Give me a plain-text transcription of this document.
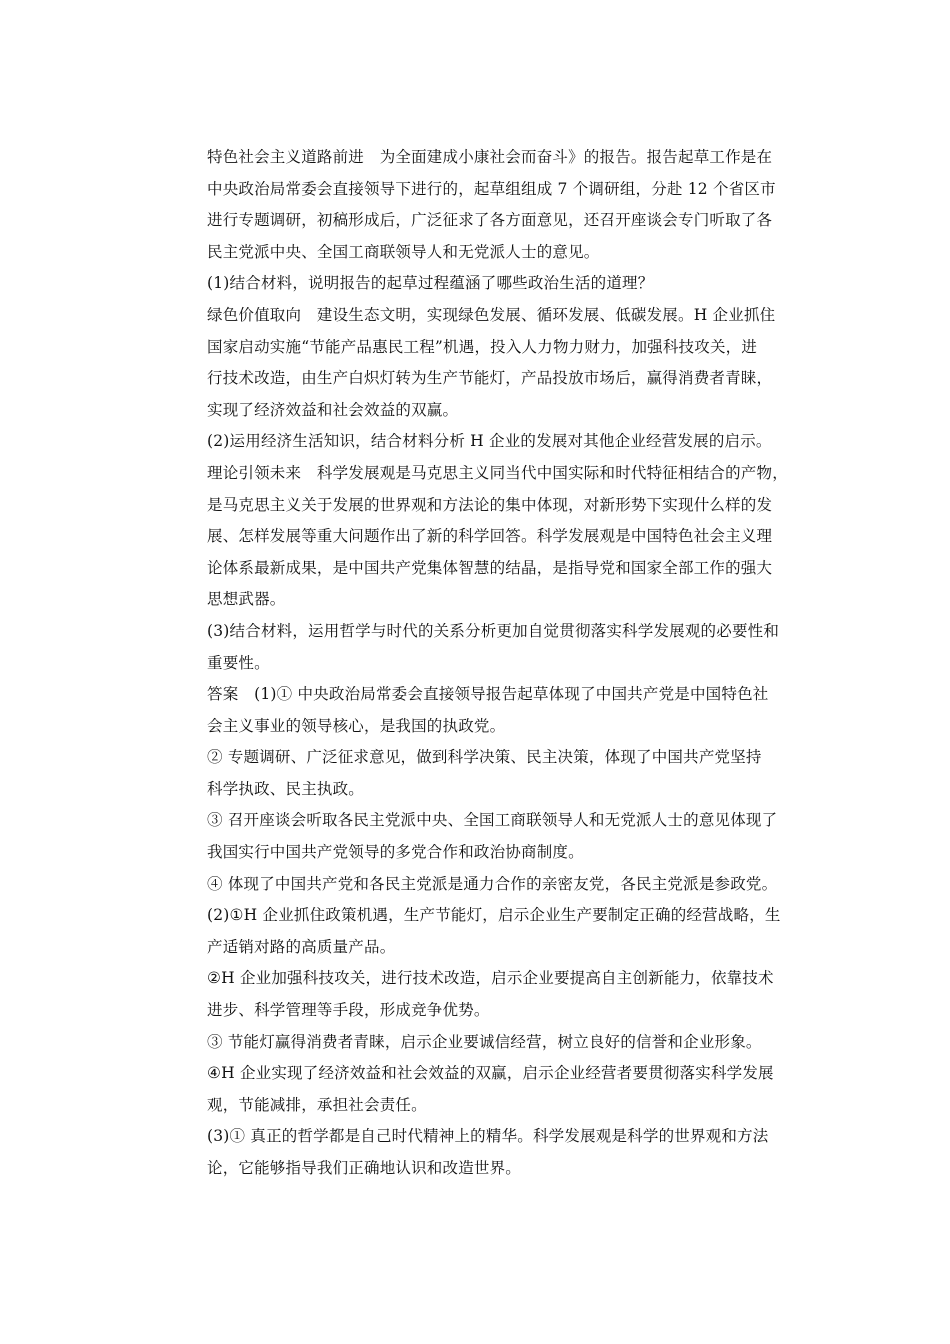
特色社会主义道路前进　为全面建成小康社会而奋斗》的报告。报告起草工作是在
中央政治局常委会直接领导下进行的，起草组组成 7 个调研组，分赴 12 个省区市
进行专题调研，初稿形成后，广泛征求了各方面意见，还召开座谈会专门听取了各
民主党派中央、全国工商联领导人和无党派人士的意见。
(1)结合材料，说明报告的起草过程蕴涵了哪些政治生活的道理？
绿色价值取向　建设生态文明，实现绿色发展、循环发展、低碳发展。H 企业抓住
国家启动实施“节能产品惠民工程”机遇，投入人力物力财力，加强科技攻关，进
行技术改造，由生产白炽灯转为生产节能灯，产品投放市场后，赢得消费者青睐，
实现了经济效益和社会效益的双赢。
(2)运用经济生活知识，结合材料分析 H 企业的发展对其他企业经营发展的启示。
理论引领未来　科学发展观是马克思主义同当代中国实际和时代特征相结合的产物，
是马克思主义关于发展的世界观和方法论的集中体现，对新形势下实现什么样的发
展、怎样发展等重大问题作出了新的科学回答。科学发展观是中国特色社会主义理
论体系最新成果，是中国共产党集体智慧的结晶，是指导党和国家全部工作的强大
思想武器。
(3)结合材料，运用哲学与时代的关系分析更加自觉贯彻落实科学发展观的必要性和
重要性。
答案　(1)① 中央政治局常委会直接领导报告起草体现了中国共产党是中国特色社
会主义事业的领导核心，是我国的执政党。
② 专题调研、广泛征求意见，做到科学决策、民主决策，体现了中国共产党坚持
科学执政、民主执政。
③ 召开座谈会听取各民主党派中央、全国工商联领导人和无党派人士的意见体现了
我国实行中国共产党领导的多党合作和政治协商制度。
④ 体现了中国共产党和各民主党派是通力合作的亲密友党，各民主党派是参政党。
(2)①H 企业抓住政策机遇，生产节能灯，启示企业生产要制定正确的经营战略，生
产适销对路的高质量产品。
②H 企业加强科技攻关，进行技术改造，启示企业要提高自主创新能力，依靠技术
进步、科学管理等手段，形成竞争优势。
③ 节能灯赢得消费者青睐，启示企业要诚信经营，树立良好的信誉和企业形象。
④H 企业实现了经济效益和社会效益的双赢，启示企业经营者要贯彻落实科学发展
观，节能减排，承担社会责任。
(3)① 真正的哲学都是自己时代精神上的精华。科学发展观是科学的世界观和方法
论，它能够指导我们正确地认识和改造世界。
